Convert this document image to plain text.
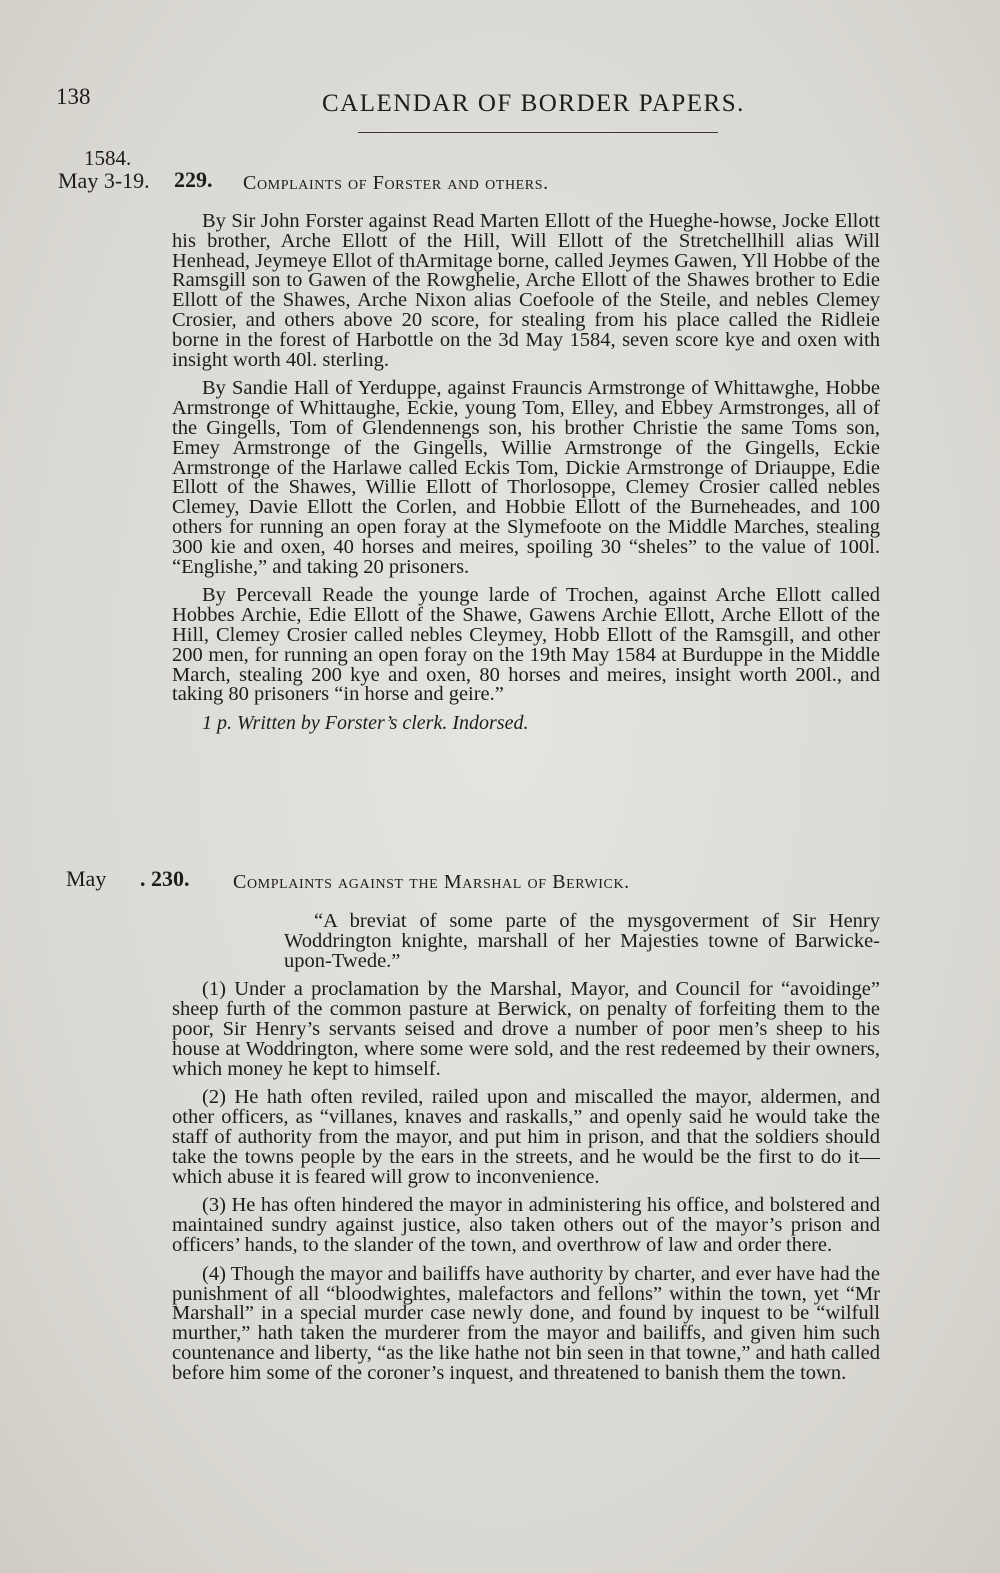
138	CALENDAR OF BORDER PAPERS.
1584.
May 3-19. 229. Complaints of Forster and others.

By Sir John Forster against Read Marten Ellott of the Hueghe-howse, Jocke Ellott his brother, Arche Ellott of the Hill, Will Ellott of the Stretchellhill alias Will Henhead, Jeymeye Ellot of thArmitage borne, called Jeymes Gawen, Yll Hobbe of the Ramsgill son to Gawen of the Rowghelie, Arche Ellott of the Shawes brother to Edie Ellott of the Shawes, Arche Nixon alias Coefoole of the Steile, and nebles Clemey Crosier, and others above 20 score, for stealing from his place called the Ridleie borne in the forest of Harbottle on the 3d May 1584, seven score kye and oxen with insight worth 40l. sterling.

By Sandie Hall of Yerduppe, against Frauncis Armstronge of Whittawghe, Hobbe Armstronge of Whittaughe, Eckie, young Tom, Elley, and Ebbey Armstronges, all of the Gingells, Tom of Glendennengs son, his brother Christie the same Toms son, Emey Armstronge of the Gingells, Willie Armstronge of the Gingells, Eckie Armstronge of the Harlawe called Eckis Tom, Dickie Armstronge of Driauppe, Edie Ellott of the Shawes, Willie Ellott of Thorlosoppe, Clemey Crosier called nebles Clemey, Davie Ellott the Corlen, and Hobbie Ellott of the Burneheades, and 100 others for running an open foray at the Slymefoote on the Middle Marches, stealing 300 kie and oxen, 40 horses and meires, spoiling 30 “sheles” to the value of 100l. “Englishe,” and taking 20 prisoners.

By Percevall Reade the younge larde of Trochen, against Arche Ellott called Hobbes Archie, Edie Ellott of the Shawe, Gawens Archie Ellott, Arche Ellott of the Hill, Clemey Crosier called nebles Cleymey, Hobb Ellott of the Ramsgill, and other 200 men, for running an open foray on the 19th May 1584 at Burduppe in the Middle March, stealing 200 kye and oxen, 80 horses and meires, insight worth 200l., and taking 80 prisoners “in horse and geire.”

1 p. Written by Forster’s clerk. Indorsed.

May . 230. Complaints against the Marshal of Berwick.

“A breviat of some parte of the mysgoverment of Sir Henry Woddrington knighte, marshall of her Majesties towne of Barwicke-upon-Twede.”

(1) Under a proclamation by the Marshal, Mayor, and Council for “avoidinge” sheep furth of the common pasture at Berwick, on penalty of forfeiting them to the poor, Sir Henry’s servants seised and drove a number of poor men’s sheep to his house at Woddrington, where some were sold, and the rest redeemed by their owners, which money he kept to himself.

(2) He hath often reviled, railed upon and miscalled the mayor, aldermen, and other officers, as “villanes, knaves and raskalls,” and openly said he would take the staff of authority from the mayor, and put him in prison, and that the soldiers should take the towns people by the ears in the streets, and he would be the first to do it—which abuse it is feared will grow to inconvenience.

(3) He has often hindered the mayor in administering his office, and bolstered and maintained sundry against justice, also taken others out of the mayor’s prison and officers’ hands, to the slander of the town, and overthrow of law and order there.

(4) Though the mayor and bailiffs have authority by charter, and ever have had the punishment of all “bloodwightes, malefactors and fellons” within the town, yet “Mr Marshall” in a special murder case newly done, and found by inquest to be “wilfull murther,” hath taken the murderer from the mayor and bailiffs, and given him such countenance and liberty, “as the like hathe not bin seen in that towne,” and hath called before him some of the coroner’s inquest, and threatened to banish them the town.
